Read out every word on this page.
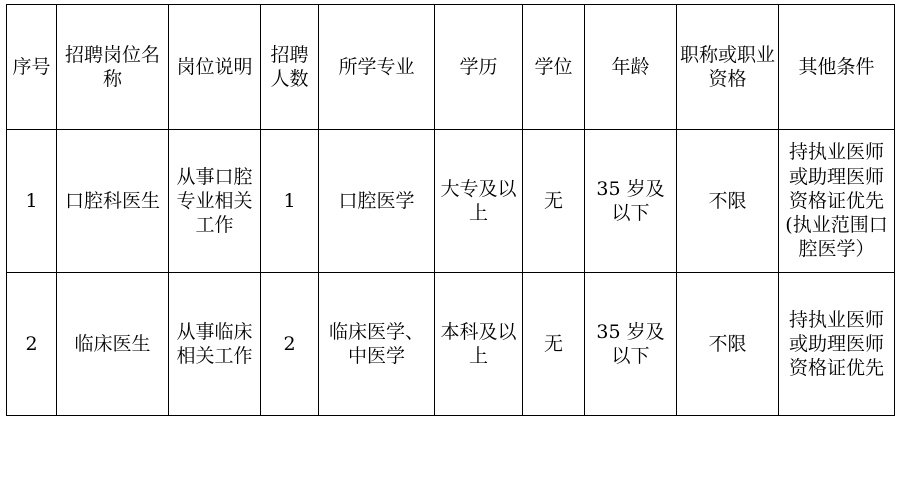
序号	招聘岗位名称	岗位说明	招聘人数	所学专业	学历	学位	年龄	职称或职业资格	其他条件
1	口腔科医生	从事口腔专业相关工作	1	口腔医学	大专及以上	无	35 岁及以下	不限	持执业医师或助理医师资格证优先(执业范围口腔医学）
2	临床医生	从事临床相关工作	2	临床医学、中医学	本科及以上	无	35 岁及以下	不限	持执业医师或助理医师资格证优先
